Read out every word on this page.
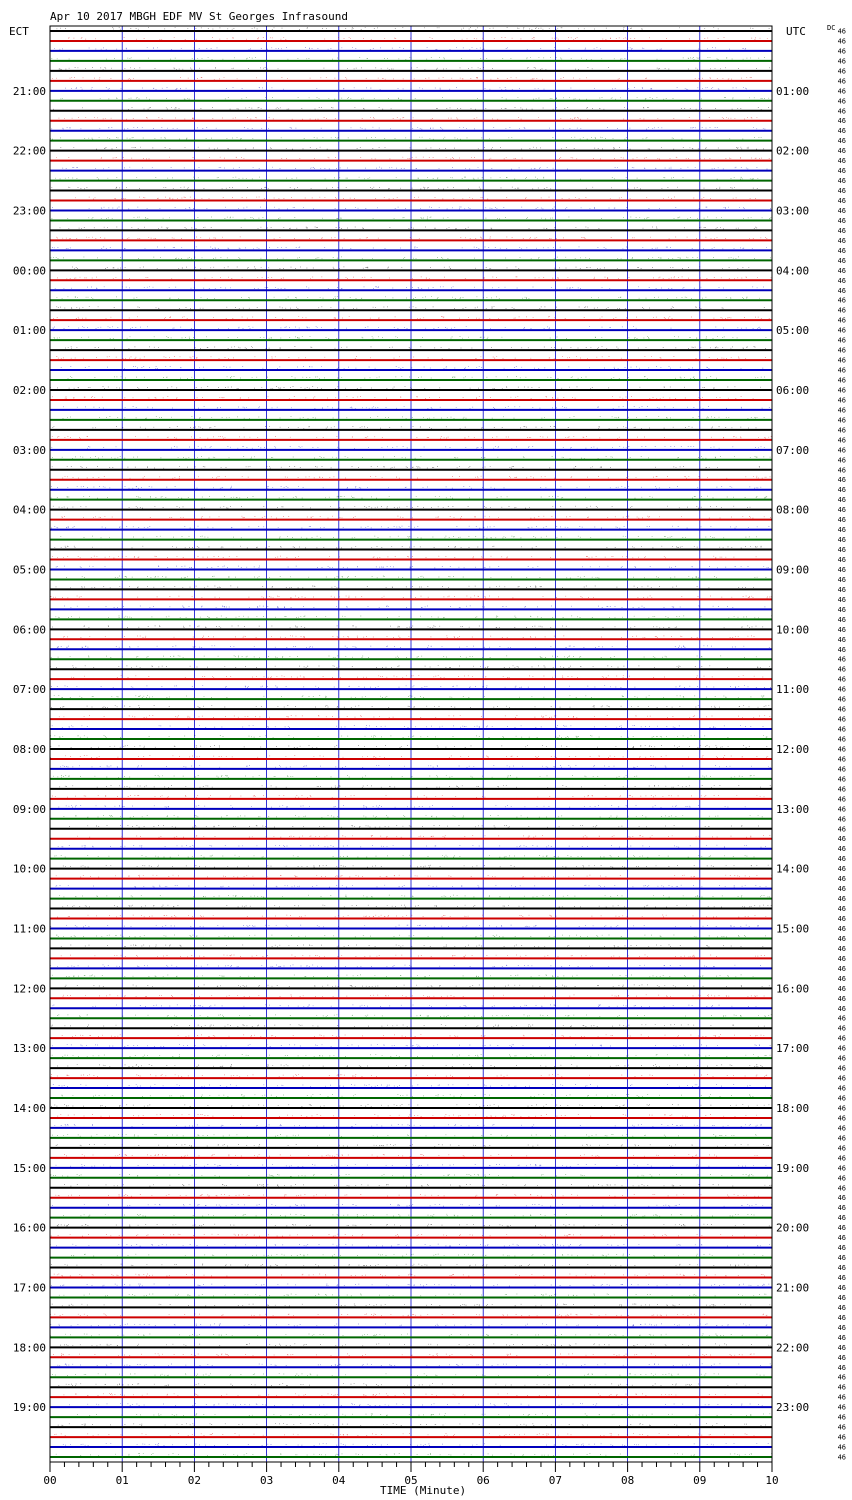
21:00
22:00
23:00
00:00
01:00
02:00
03:00
04:00
05:00
06:00
07:00
08:00
09:00
10:00
11:00
12:00
13:00
14:00
15:00
16:00
17:00
18:00
19:00
01:00
02:00
03:00
04:00
05:00
06:00
07:00
08:00
09:00
10:00
11:00
12:00
13:00
14:00
15:00
16:00
17:00
18:00
19:00
20:00
21:00
22:00
23:00
46
46
46
46
46
46
46
46
46
46
46
46
46
46
46
46
46
46
46
46
46
46
46
46
46
46
46
46
46
46
46
46
46
46
46
46
46
46
46
46
46
46
46
46
46
46
46
46
46
46
46
46
46
46
46
46
46
46
46
46
46
46
46
46
46
46
46
46
46
46
46
46
46
46
46
46
46
46
46
46
46
46
46
46
46
46
46
46
46
46
46
46
46
46
46
46
46
46
46
46
46
46
46
46
46
46
46
46
46
46
46
46
46
46
46
46
46
46
46
46
46
46
46
46
46
46
46
46
46
46
46
46
46
46
46
46
46
46
46
46
46
46
46
46
00	01	02	03	04	05	06	07	08	09	10
Apr 10 2017 MBGH EDF MV St Georges Infrasound
ECT	UTC	DC
TIME (Minute)
